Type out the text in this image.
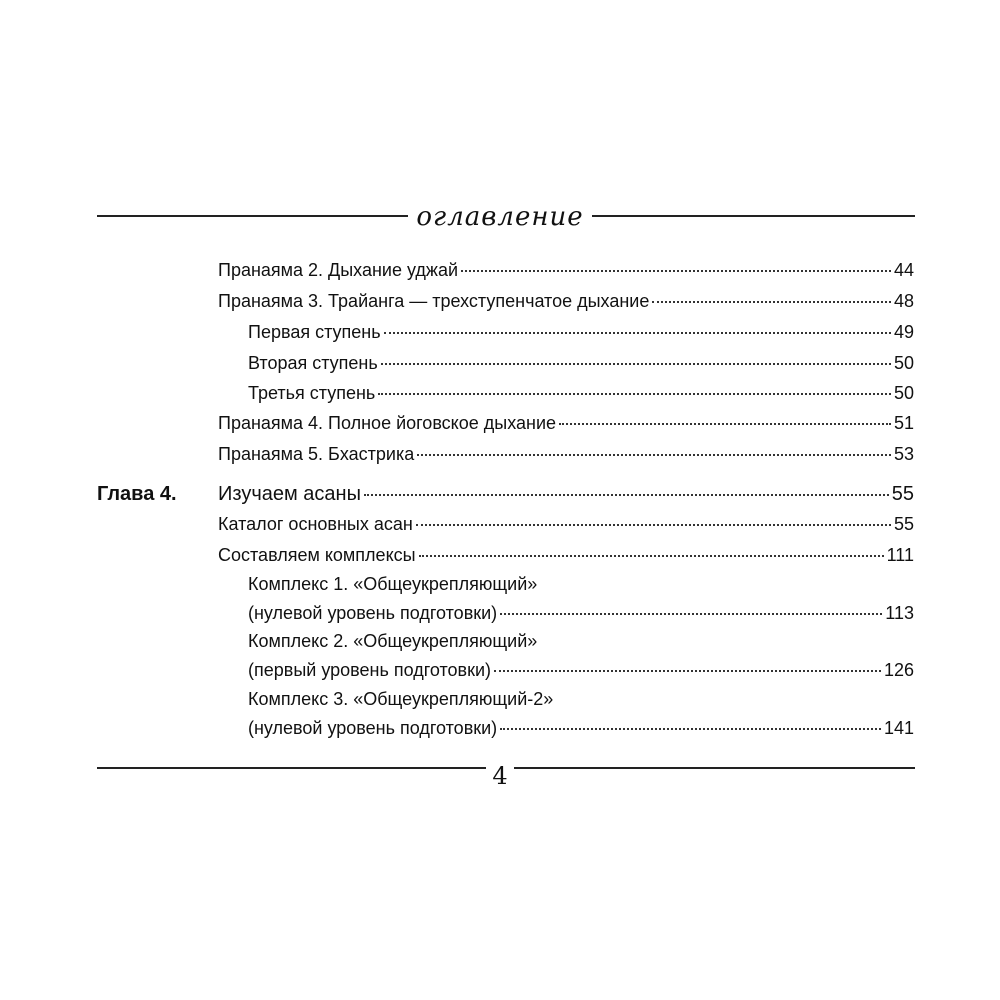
оглавление
Пранаяма 2. Дыхание уджай	44
Пранаяма 3. Трайанга — трехступенчатое дыхание	48
Первая ступень	49
Вторая ступень	50
Третья ступень	50
Пранаяма 4. Полное йоговское дыхание	51
Пранаяма 5. Бхастрика	53
Глава 4. Изучаем асаны	55
Каталог основных асан	55
Составляем комплексы	111
Комплекс 1. «Общеукрепляющий»
(нулевой уровень подготовки)	113
Комплекс 2. «Общеукрепляющий»
(первый уровень подготовки)	126
Комплекс 3. «Общеукрепляющий-2»
(нулевой уровень подготовки)	141
4
